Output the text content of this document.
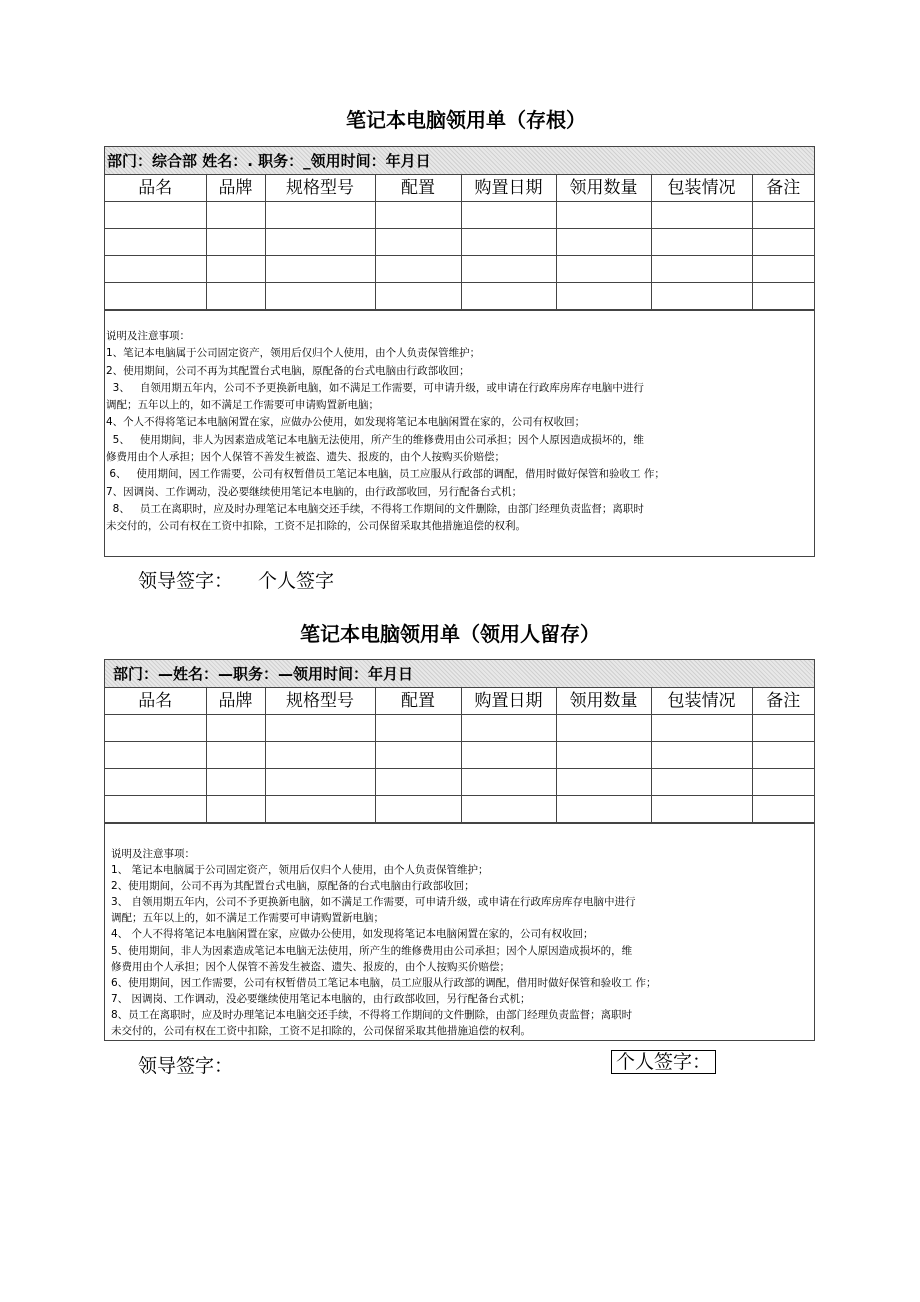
笔记本电脑领用单（存根）
部门：综合部 姓名：. 职务：_领用时间：年月日
品名	品牌	规格型号	配置	购置日期	领用数量	包装情况	备注

说明及注意事项：
1、笔记本电脑属于公司固定资产，领用后仅归个人使用，由个人负责保管维护；
2、使用期间，公司不再为其配置台式电脑，原配备的台式电脑由行政部收回；
3、   自领用期五年内，公司不予更换新电脑，如不满足工作需要，可申请升级，或申请在行政库房库存电脑中进行
调配；五年以上的，如不满足工作需要可申请购置新电脑；
4、个人不得将笔记本电脑闲置在家，应做办公使用，如发现将笔记本电脑闲置在家的，公司有权收回；
5、   使用期间，非人为因素造成笔记本电脑无法使用，所产生的维修费用由公司承担；因个人原因造成损坏的，维
修费用由个人承担；因个人保管不善发生被盗、遗失、报废的，由个人按购买价赔偿；
6、   使用期间，因工作需要，公司有权暂借员工笔记本电脑，员工应服从行政部的调配，借用时做好保管和验收工 作；
7、因调岗、工作调动，没必要继续使用笔记本电脑的，由行政部收回，另行配备台式机；
8、   员工在离职时，应及时办理笔记本电脑交还手续，不得将工作期间的文件删除，由部门经理负责监督；离职时
未交付的，公司有权在工资中扣除，工资不足扣除的，公司保留采取其他措施追偿的权利。
领导签字： 个人签字
笔记本电脑领用单（领用人留存）
部门：—姓名：—职务：—领用时间：年月日
品名	品牌	规格型号	配置	购置日期	领用数量	包装情况	备注

说明及注意事项：
1、 笔记本电脑属于公司固定资产，领用后仅归个人使用，由个人负责保管维护；
2、使用期间，公司不再为其配置台式电脑，原配备的台式电脑由行政部收回；
3、 自领用期五年内，公司不予更换新电脑，如不满足工作需要，可申请升级，或申请在行政库房库存电脑中进行
调配；五年以上的，如不满足工作需要可申请购置新电脑；
4、 个人不得将笔记本电脑闲置在家，应做办公使用，如发现将笔记本电脑闲置在家的，公司有权收回；
5、使用期间，非人为因素造成笔记本电脑无法使用，所产生的维修费用由公司承担；因个人原因造成损坏的，维
修费用由个人承担；因个人保管不善发生被盗、遗失、报废的，由个人按购买价赔偿；
6、使用期间，因工作需要，公司有权暂借员工笔记本电脑，员工应服从行政部的调配，借用时做好保管和验收工 作；
7、 因调岗、工作调动，没必要继续使用笔记本电脑的，由行政部收回，另行配备台式机；
8、员工在离职时，应及时办理笔记本电脑交还手续，不得将工作期间的文件删除，由部门经理负责监督；离职时
未交付的，公司有权在工资中扣除，工资不足扣除的，公司保留采取其他措施追偿的权利。
领导签字：	个人签字：
